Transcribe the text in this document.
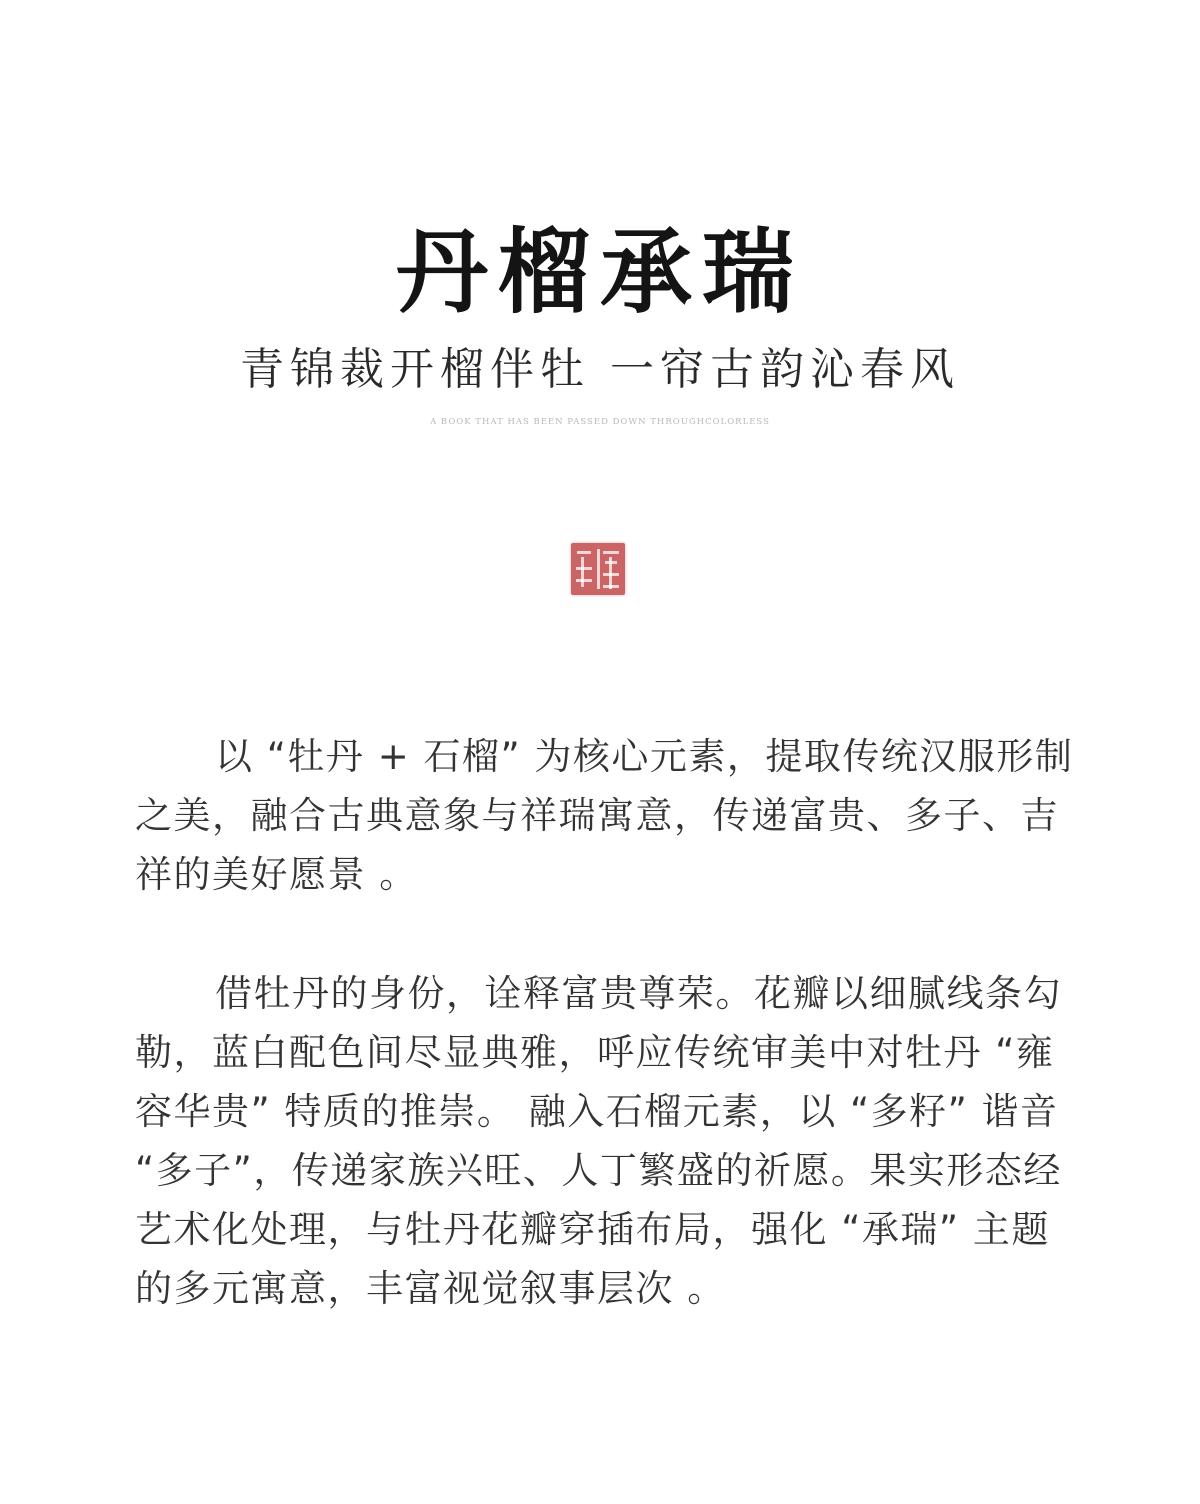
丹榴承瑞
青锦裁开榴伴牡 一帘古韵沁春风
A BOOK THAT HAS BEEN PASSED DOWN THROUGHCOLORLESS

以 “牡丹 + 石榴” 为核心元素，提取传统汉服形制之美，融合古典意象与祥瑞寓意，传递富贵、多子、吉祥的美好愿景 。

借牡丹的身份，诠释富贵尊荣。花瓣以细腻线条勾勒，蓝白配色间尽显典雅，呼应传统审美中对牡丹 “雍容华贵” 特质的推崇。 融入石榴元素，以 “多籽” 谐音 “多子”，传递家族兴旺、人丁繁盛的祈愿。果实形态经艺术化处理，与牡丹花瓣穿插布局，强化 “承瑞” 主题的多元寓意，丰富视觉叙事层次 。
